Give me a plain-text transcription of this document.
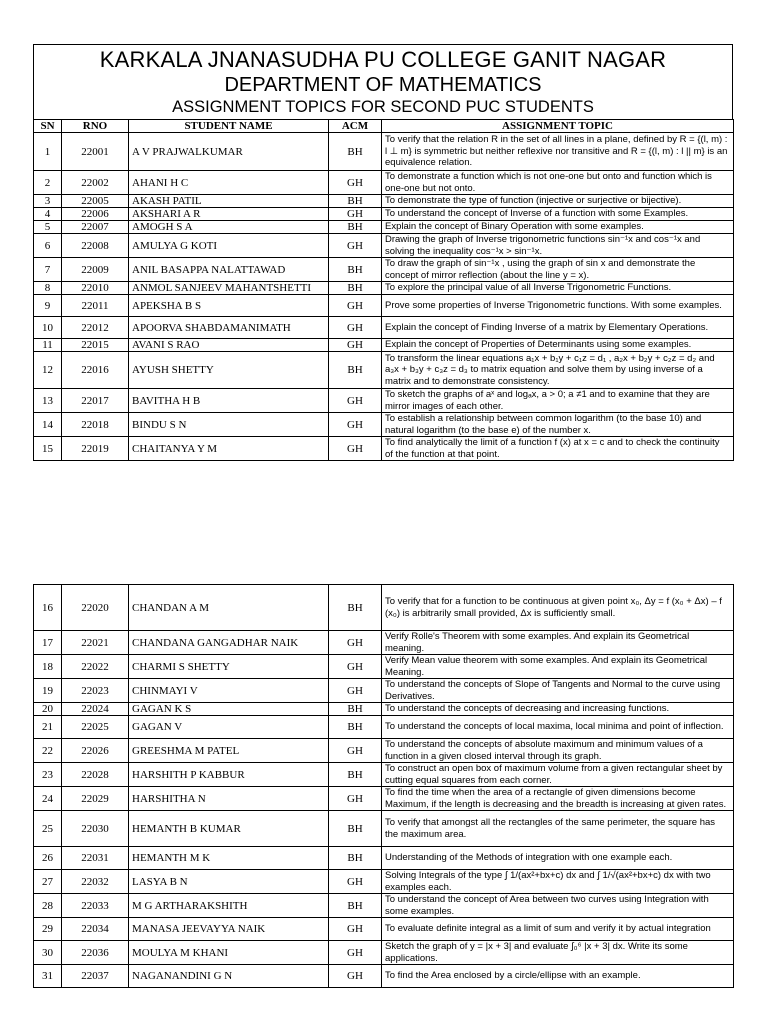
KARKALA JNANASUDHA PU COLLEGE GANIT NAGAR
DEPARTMENT OF MATHEMATICS
ASSIGNMENT TOPICS FOR SECOND PUC STUDENTS
SN	RNO	STUDENT NAME	ACM	ASSIGNMENT TOPIC
1	22001	A V PRAJWALKUMAR	BH	To verify that the relation R in the set of all lines in a plane, defined by R = {(l, m) : l ⊥ m} is symmetric but neither reflexive nor transitive and R = {(l, m) : l || m} is an equivalence relation.
2	22002	AHANI H C	GH	To demonstrate a function which is not one-one but onto and function which is one-one but not onto.
3	22005	AKASH PATIL	BH	To demonstrate the type of function (injective or surjective or bijective).
4	22006	AKSHARI A R	GH	To understand the concept of Inverse of a function with some Examples.
5	22007	AMOGH S A	BH	Explain the concept of Binary Operation with some examples.
6	22008	AMULYA G KOTI	GH	Drawing the graph of Inverse trigonometric functions sin⁻¹x and cos⁻¹x and solving the inequality cos⁻¹x > sin⁻¹x.
7	22009	ANIL BASAPPA NALATTAWAD	BH	To draw the graph of sin⁻¹x , using the graph of sin x and demonstrate the concept of mirror reflection (about the line y = x).
8	22010	ANMOL SANJEEV MAHANTSHETTI	BH	To explore the principal value of all Inverse Trigonometric Functions.
9	22011	APEKSHA B S	GH	Prove some properties of Inverse Trigonometric functions. With some examples.
10	22012	APOORVA SHABDAMANIMATH	GH	Explain the concept of Finding Inverse of a matrix by Elementary Operations.
11	22015	AVANI S RAO	GH	Explain the concept of Properties of Determinants using some examples.
12	22016	AYUSH SHETTY	BH	To transform the linear equations a₁x + b₁y + c₁z = d₁ , a₂x + b₂y + c₂z = d₂ and a₃x + b₃y + c₃z = d₃ to matrix equation and solve them by using inverse of a matrix and to demonstrate consistency.
13	22017	BAVITHA H B	GH	To sketch the graphs of aˣ and logₐx, a > 0; a ≠1 and to examine that they are mirror images of each other.
14	22018	BINDU S N	GH	To establish a relationship between common logarithm (to the base 10) and natural logarithm (to the base e) of the number x.
15	22019	CHAITANYA Y M	GH	To find analytically the limit of a function f (x) at x = c and to check the continuity of the function at that point.
16	22020	CHANDAN A M	BH	To verify that for a function to be continuous at given point x₀, Δy = f (x₀ + Δx) – f (x₀) is arbitrarily small provided, Δx is sufficiently small.
17	22021	CHANDANA GANGADHAR NAIK	GH	Verify Rolle's Theorem with some examples. And explain its Geometrical meaning.
18	22022	CHARMI S SHETTY	GH	Verify Mean value theorem with some examples. And explain its Geometrical Meaning.
19	22023	CHINMAYI V	GH	To understand the concepts of Slope of Tangents and Normal to the curve using Derivatives.
20	22024	GAGAN K S	BH	To understand the concepts of decreasing and increasing functions.
21	22025	GAGAN V	BH	To understand the concepts of local maxima, local minima and point of inflection.
22	22026	GREESHMA M PATEL	GH	To understand the concepts of absolute maximum and minimum values of a function in a given closed interval through its graph.
23	22028	HARSHITH P KABBUR	BH	To construct an open box of maximum volume from a given rectangular sheet by cutting equal squares from each corner.
24	22029	HARSHITHA N	GH	To find the time when the area of a rectangle of given dimensions become Maximum, if the length is decreasing and the breadth is increasing at given rates.
25	22030	HEMANTH B KUMAR	BH	To verify that amongst all the rectangles of the same perimeter, the square has the maximum area.
26	22031	HEMANTH M K	BH	Understanding of the Methods of integration with one example each.
27	22032	LASYA B N	GH	Solving Integrals of the type ∫ 1/(ax²+bx+c) dx and ∫ 1/√(ax²+bx+c) dx with two examples each.
28	22033	M G ARTHARAKSHITH	BH	To understand the concept of Area between two curves using Integration with some examples.
29	22034	MANASA JEEVAYYA NAIK	GH	To evaluate definite integral as a limit of sum and verify it by actual integration
30	22036	MOULYA M KHANI	GH	Sketch the graph of y = |x + 3| and evaluate ∫₀⁶ |x + 3| dx. Write its some applications.
31	22037	NAGANANDINI G N	GH	To find the Area enclosed by a circle/ellipse with an example.
